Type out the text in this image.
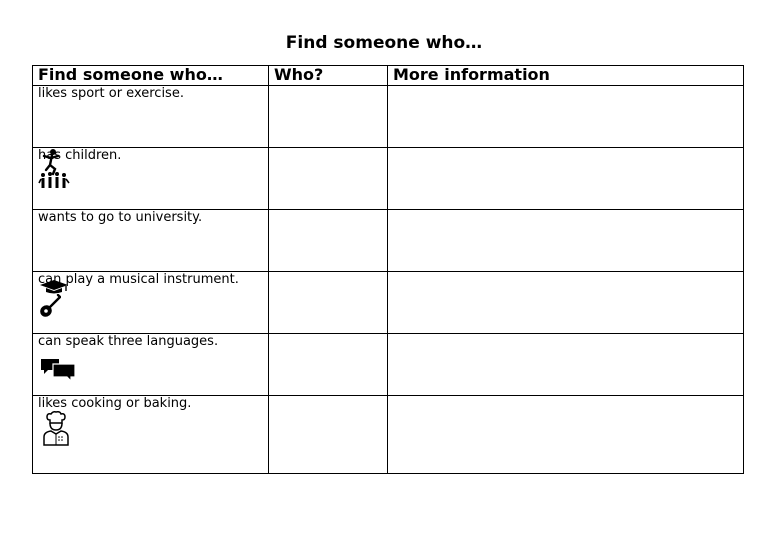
Find someone who…
Find someone who…	Who?	More information

likes sport or exercise.		

has children.		

wants to go to university.		

can play a musical instrument.		

can speak three languages.		

likes cooking or baking.		
